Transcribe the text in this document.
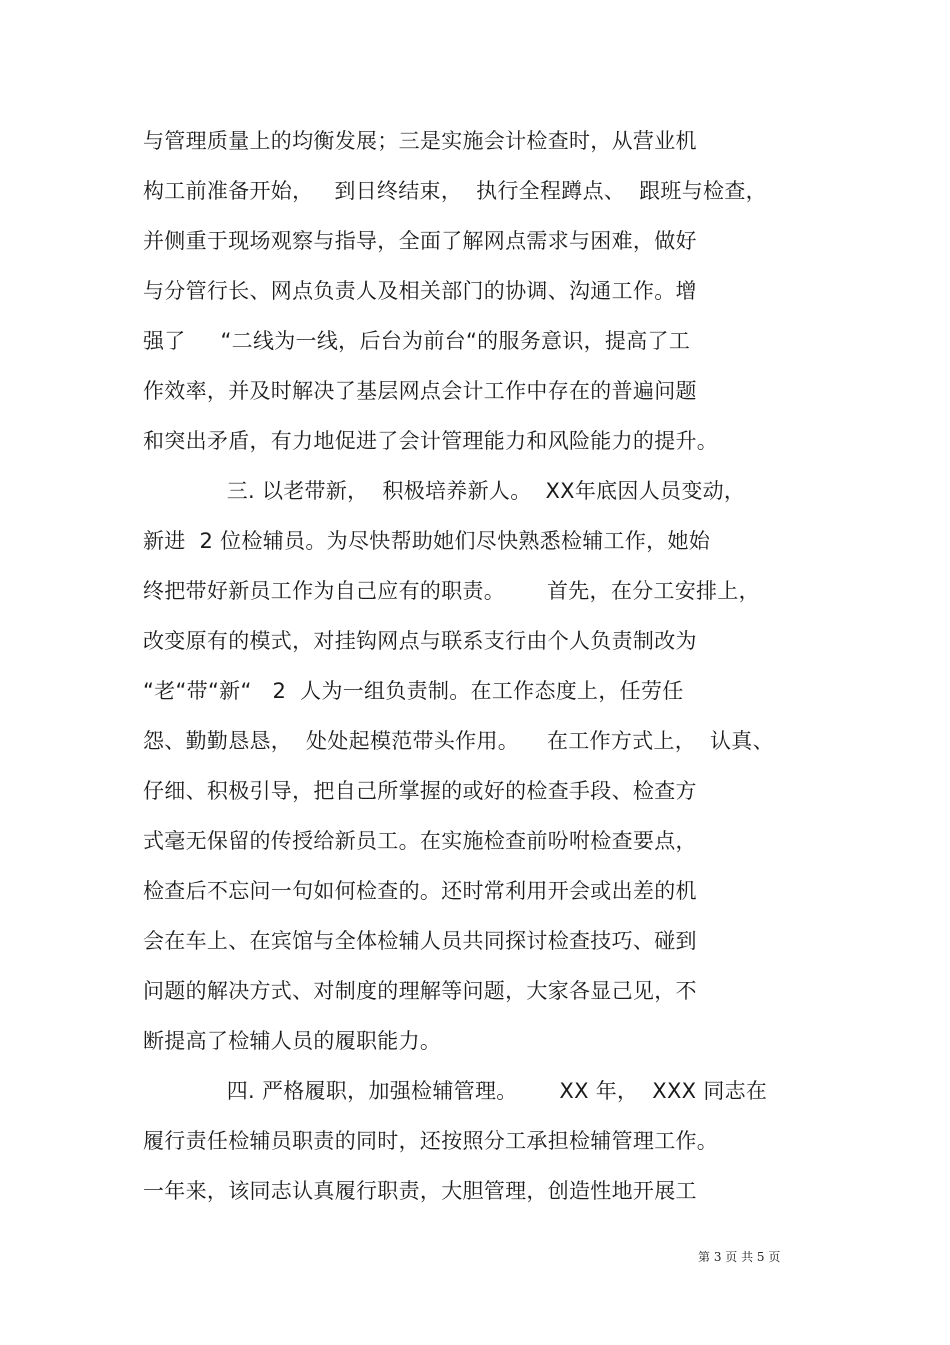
与管理质量上的均衡发展；三是实施会计检查时，从营业机
构工前准备开始，   到日终结束，  执行全程蹲点、  跟班与检查，
并侧重于现场观察与指导，全面了解网点需求与困难，做好
与分管行长、网点负责人及相关部门的协调、沟通工作。增
强了     “二线为一线，后台为前台“的服务意识，提高了工
作效率，并及时解决了基层网点会计工作中存在的普遍问题
和突出矛盾，有力地促进了会计管理能力和风险能力的提升。
三. 以老带新，  积极培养新人。  XX年底因人员变动，
新进  2 位检辅员。为尽快帮助她们尽快熟悉检辅工作，她始
终把带好新员工作为自己应有的职责。      首先，在分工安排上，
改变原有的模式，对挂钩网点与联系支行由个人负责制改为
“老“带“新“   2  人为一组负责制。在工作态度上，任劳任
怨、勤勤恳恳，  处处起模范带头作用。    在工作方式上，  认真、
仔细、积极引导，把自己所掌握的或好的检查手段、检查方
式毫无保留的传授给新员工。在实施检查前吩咐检查要点，
检查后不忘问一句如何检查的。还时常利用开会或出差的机
会在车上、在宾馆与全体检辅人员共同探讨检查技巧、碰到
问题的解决方式、对制度的理解等问题，大家各显己见，不
断提高了检辅人员的履职能力。
四. 严格履职，加强检辅管理。      XX 年，  XXX 同志在
履行责任检辅员职责的同时，还按照分工承担检辅管理工作。
一年来，该同志认真履行职责，大胆管理，创造性地开展工
第 3 页 共 5 页
